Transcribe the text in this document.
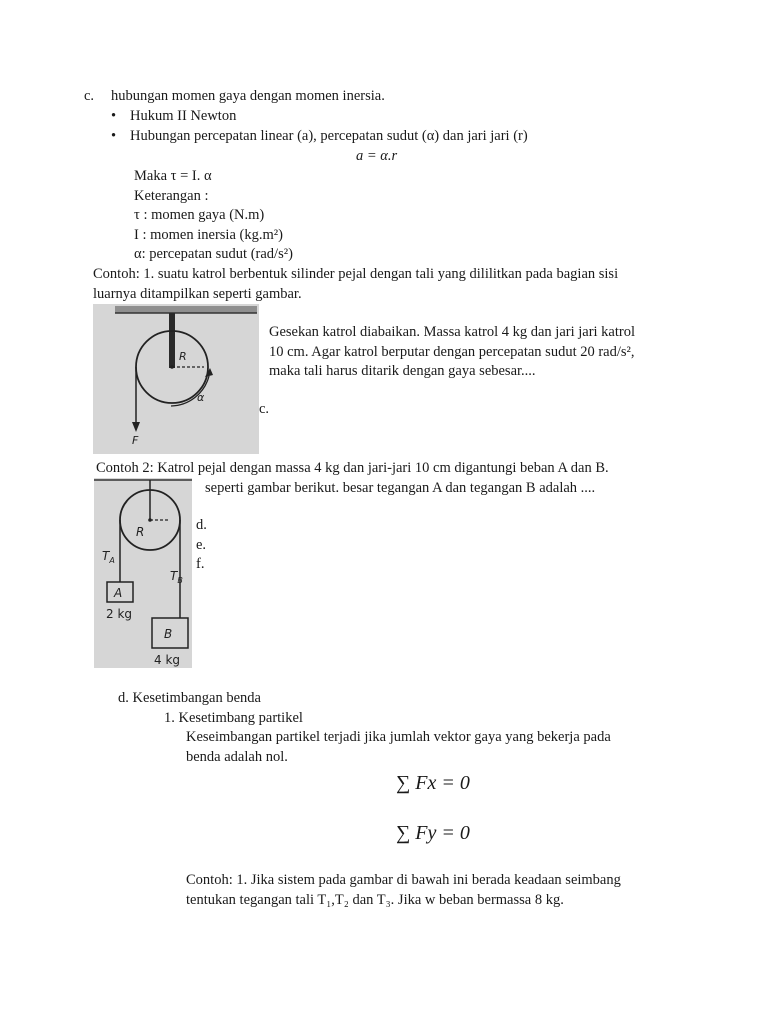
c. hubungan momen gaya dengan momen inersia.
• Hukum II Newton
• Hubungan percepatan linear (a), percepatan sudut (α) dan jari jari (r)
a = α.r
Maka τ = I. α
Keterangan :
τ : momen gaya (N.m)
I : momen inersia (kg.m²)
α: percepatan sudut (rad/s²)
Contoh: 1. suatu katrol berbentuk silinder pejal dengan tali yang dililitkan pada bagian sisi
luarnya ditampilkan seperti gambar.
R
F
α
Gesekan katrol diabaikan. Massa katrol 4 kg dan jari jari katrol
10 cm. Agar katrol berputar dengan percepatan sudut 20 rad/s²,
maka tali harus ditarik dengan gaya sebesar....
c.
Contoh 2: Katrol pejal dengan massa 4 kg dan jari-jari 10 cm digantungi beban A dan B.
seperti gambar berikut. besar tegangan A dan tegangan B adalah ....
R
$T_A$
$T_B$
A
2 kg
B
4 kg
d.
e.
f.
d. Kesetimbangan benda
1. Kesetimbang partikel
Keseimbangan partikel terjadi jika jumlah vektor gaya yang bekerja pada
benda adalah nol.
∑ Fx = 0
∑ Fy = 0
Contoh: 1. Jika sistem pada gambar di bawah ini berada keadaan seimbang
tentukan tegangan tali T₁,T₂ dan T₃. Jika w beban bermassa 8 kg.
